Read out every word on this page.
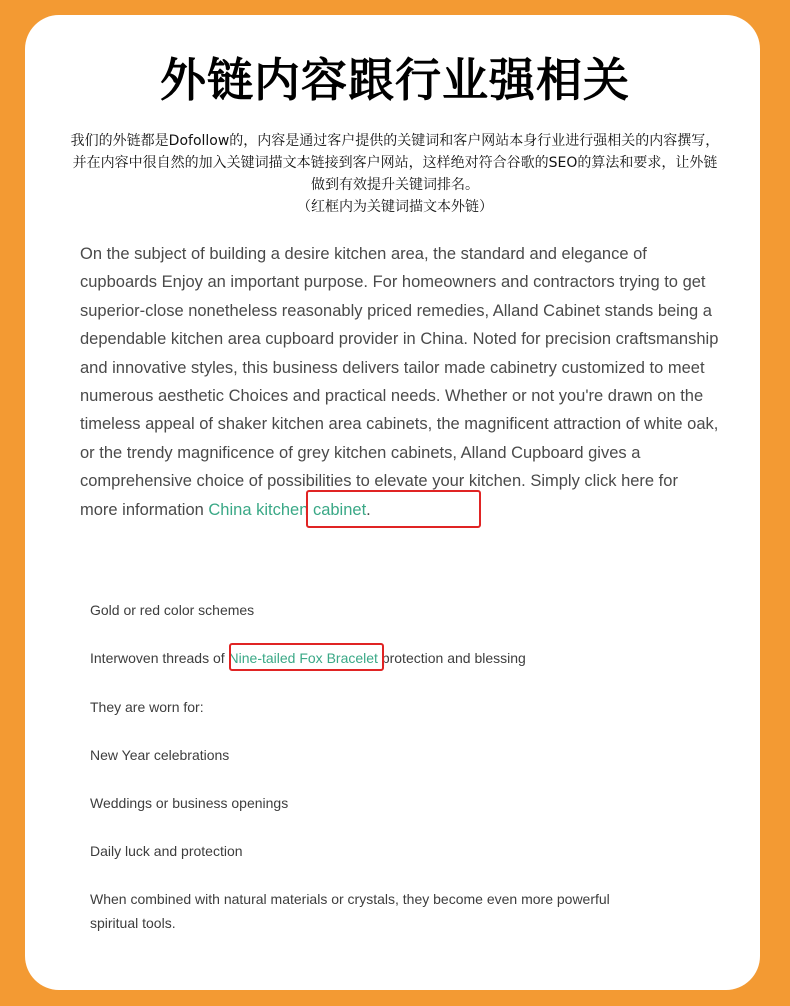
外链内容跟行业强相关
我们的外链都是Dofollow的，内容是通过客户提供的关键词和客户网站本身行业进行强相关的内容撰写，并在内容中很自然的加入关键词描文本链接到客户网站，这样绝对符合谷歌的SEO的算法和要求，让外链做到有效提升关键词排名。
（红框内为关键词描文本外链）

On the subject of building a desire kitchen area, the standard and elegance of cupboards Enjoy an important purpose. For homeowners and contractors trying to get superior-close nonetheless reasonably priced remedies, Alland Cabinet stands being a dependable kitchen area cupboard provider in China. Noted for precision craftsmanship and innovative styles, this business delivers tailor made cabinetry customized to meet numerous aesthetic Choices and practical needs. Whether or not you're drawn on the timeless appeal of shaker kitchen area cabinets, the magnificent attraction of white oak, or the trendy magnificence of grey kitchen cabinets, Alland Cupboard gives a comprehensive choice of possibilities to elevate your kitchen. Simply click here for more information China kitchen cabinet.

Gold or red color schemes

Interwoven threads of Nine-tailed Fox Bracelet protection and blessing

They are worn for:

New Year celebrations

Weddings or business openings

Daily luck and protection

When combined with natural materials or crystals, they become even more powerful spiritual tools.
